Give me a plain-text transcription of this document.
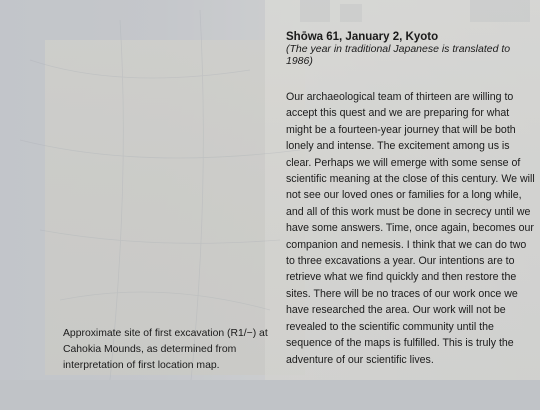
Shōwa 61, January 2, Kyoto

(The year in traditional Japanese is translated to 1986)

Our archaeological team of thirteen are willing to accept this quest and we are preparing for what might be a fourteen-year journey that will be both lonely and intense. The excitement among us is clear. Perhaps we will emerge with some sense of scientific meaning at the close of this century. We will not see our loved ones or families for a long while, and all of this work must be done in secrecy until we have some answers. Time, once again, becomes our companion and nemesis. I think that we can do two to three excavations a year. Our intentions are to retrieve what we find quickly and then restore the sites. There will be no traces of our work once we have researched the area. Our work will not be revealed to the scientific community until the sequence of the maps is fulfilled. This is truly the adventure of our scientific lives.
Approximate site of first excavation (R1/−) at Cahokia Mounds, as determined from interpretation of first location map.
